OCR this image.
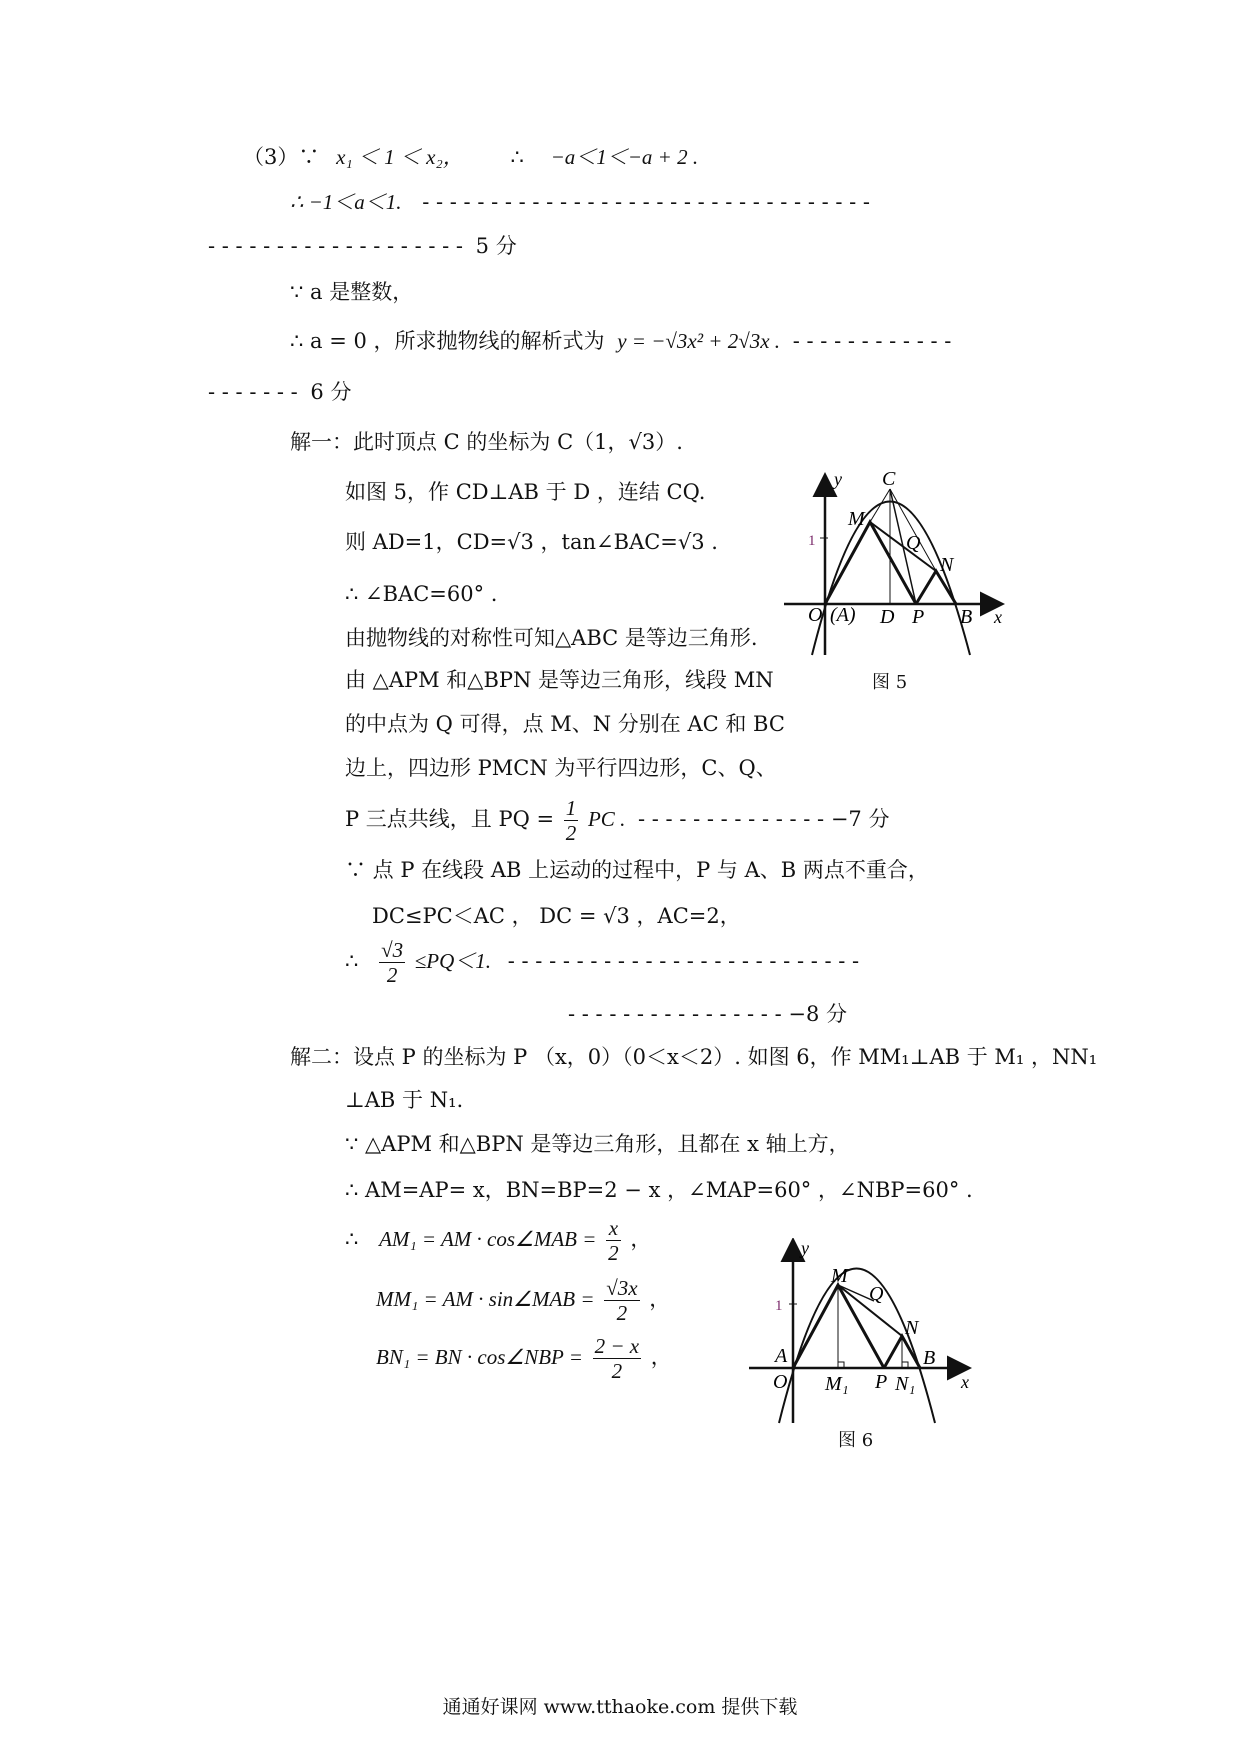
（3）∵ x₁ ＜ 1 ＜ x₂， ∴ −a＜1＜−a + 2 .
∴ −1＜a＜1. - - - - - - - - - - - - - - - - - - - - - - - - - - - - - - - - -
- - - - - - - - - - - - - - - - - - - 5 分
∵ a 是整数，
∴ a = 0 ，所求抛物线的解析式为 y = −√3x² + 2√3x . - - - - - - - - - - - -
- - - - - - - 6 分
解一：此时顶点 C 的坐标为 C（1，√3）.
如图 5，作 CD⊥AB 于 D ，连结 CQ.
则 AD=1，CD=√3 ，tan∠BAC=√3 .
∴ ∠BAC=60° .
由抛物线的对称性可知△ABC 是等边三角形.
由 △APM 和△BPN 是等边三角形，线段 MN
的中点为 Q 可得，点 M、N 分别在 AC 和 BC
边上，四边形 PMCN 为平行四边形，C、Q、
P 三点共线，且 PQ = $\frac{1}{2}$ PC . - - - - - - - - - - - - - - −7 分
∵ 点 P 在线段 AB 上运动的过程中，P 与 A、B 两点不重合，
DC≤PC＜AC ， DC = √3 ，AC=2，
∴ $\frac{√3}{2} \le PQ<1$. - - - - - - - - - - - - - - - - - - - - - - - - - -
- - - - - - - - - - - - - - - - −8 分
解二：设点 P 的坐标为 P （x，0）（0＜x＜2）. 如图 6，作 MM₁⊥AB 于 M₁ ，NN₁
⊥AB 于 N₁.
∵ △APM 和△BPN 是等边三角形，且都在 x 轴上方，
∴ AM=AP= x，BN=BP=2 − x ，∠MAP=60° ，∠NBP=60° .
∴ AM₁ = AM · cos∠MAB = $\frac{x}{2}$ ，
MM₁ = AM · sin∠MAB = $\frac{√3x}{2}$ ，
BN₁ = BN · cos∠NBP = $\frac{2 - x}{2}$ ，
y C
M
Q
N
1
O (A) D P B x
图 5
y
M
Q
N
1
A
O M₁ P N₁
B
x
图 6
通通好课网 www.tthaoke.com 提供下载
